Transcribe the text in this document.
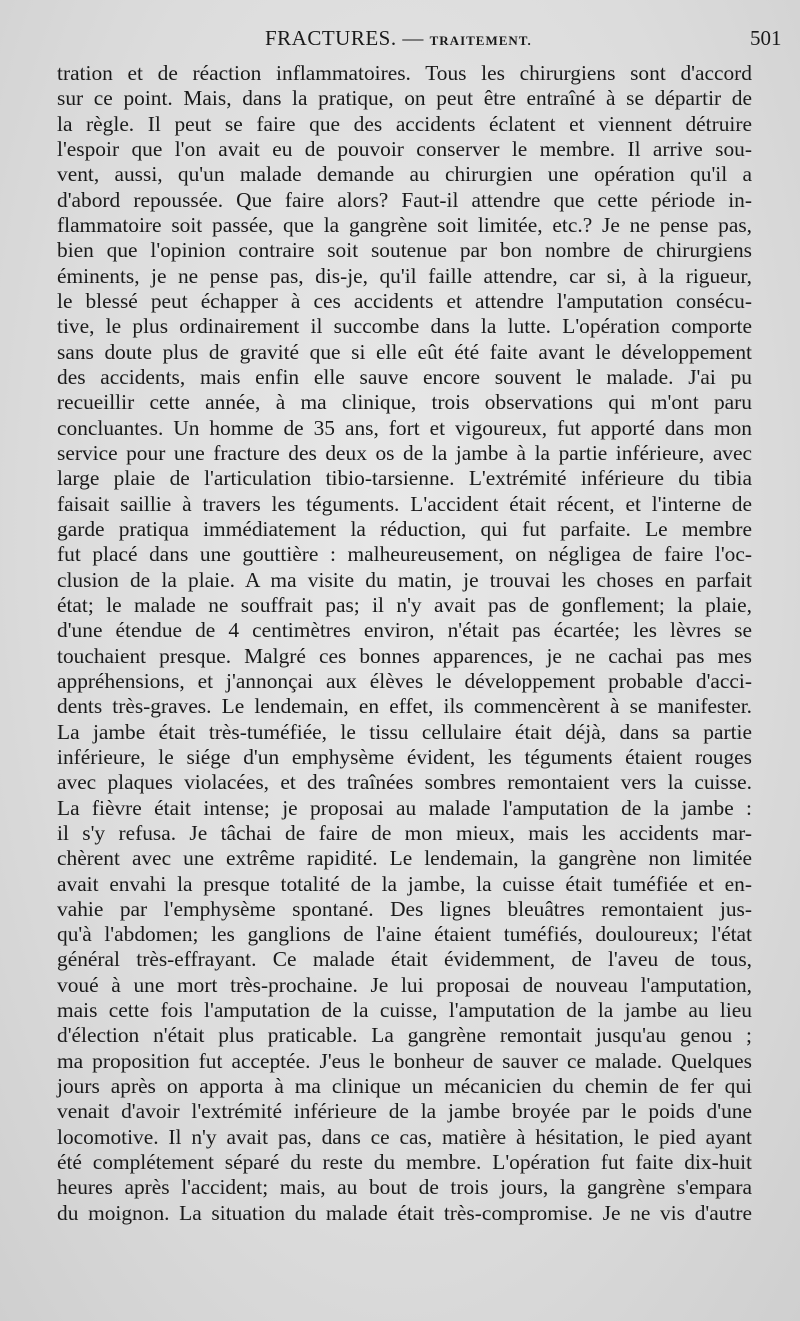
FRACTURES. — TRAITEMENT.	501
tration et de réaction inflammatoires. Tous les chirurgiens sont d'accord
sur ce point. Mais, dans la pratique, on peut être entraîné à se départir de
la règle. Il peut se faire que des accidents éclatent et viennent détruire
l'espoir que l'on avait eu de pouvoir conserver le membre. Il arrive sou-
vent, aussi, qu'un malade demande au chirurgien une opération qu'il a
d'abord repoussée. Que faire alors? Faut-il attendre que cette période in-
flammatoire soit passée, que la gangrène soit limitée, etc.? Je ne pense pas,
bien que l'opinion contraire soit soutenue par bon nombre de chirurgiens
éminents, je ne pense pas, dis-je, qu'il faille attendre, car si, à la rigueur,
le blessé peut échapper à ces accidents et attendre l'amputation consécu-
tive, le plus ordinairement il succombe dans la lutte. L'opération comporte
sans doute plus de gravité que si elle eût été faite avant le développement
des accidents, mais enfin elle sauve encore souvent le malade. J'ai pu
recueillir cette année, à ma clinique, trois observations qui m'ont paru
concluantes. Un homme de 35 ans, fort et vigoureux, fut apporté dans mon
service pour une fracture des deux os de la jambe à la partie inférieure, avec
large plaie de l'articulation tibio-tarsienne. L'extrémité inférieure du tibia
faisait saillie à travers les téguments. L'accident était récent, et l'interne de
garde pratiqua immédiatement la réduction, qui fut parfaite. Le membre
fut placé dans une gouttière : malheureusement, on négligea de faire l'oc-
clusion de la plaie. A ma visite du matin, je trouvai les choses en parfait
état; le malade ne souffrait pas; il n'y avait pas de gonflement; la plaie,
d'une étendue de 4 centimètres environ, n'était pas écartée; les lèvres se
touchaient presque. Malgré ces bonnes apparences, je ne cachai pas mes
appréhensions, et j'annonçai aux élèves le développement probable d'acci-
dents très-graves. Le lendemain, en effet, ils commencèrent à se manifester.
La jambe était très-tuméfiée, le tissu cellulaire était déjà, dans sa partie
inférieure, le siége d'un emphysème évident, les téguments étaient rouges
avec plaques violacées, et des traînées sombres remontaient vers la cuisse.
La fièvre était intense; je proposai au malade l'amputation de la jambe :
il s'y refusa. Je tâchai de faire de mon mieux, mais les accidents mar-
chèrent avec une extrême rapidité. Le lendemain, la gangrène non limitée
avait envahi la presque totalité de la jambe, la cuisse était tuméfiée et en-
vahie par l'emphysème spontané. Des lignes bleuâtres remontaient jus-
qu'à l'abdomen; les ganglions de l'aine étaient tuméfiés, douloureux; l'état
général très-effrayant. Ce malade était évidemment, de l'aveu de tous,
voué à une mort très-prochaine. Je lui proposai de nouveau l'amputation,
mais cette fois l'amputation de la cuisse, l'amputation de la jambe au lieu
d'élection n'était plus praticable. La gangrène remontait jusqu'au genou ;
ma proposition fut acceptée. J'eus le bonheur de sauver ce malade. Quelques
jours après on apporta à ma clinique un mécanicien du chemin de fer qui
venait d'avoir l'extrémité inférieure de la jambe broyée par le poids d'une
locomotive. Il n'y avait pas, dans ce cas, matière à hésitation, le pied ayant
été complétement séparé du reste du membre. L'opération fut faite dix-huit
heures après l'accident; mais, au bout de trois jours, la gangrène s'empara
du moignon. La situation du malade était très-compromise. Je ne vis d'autre
